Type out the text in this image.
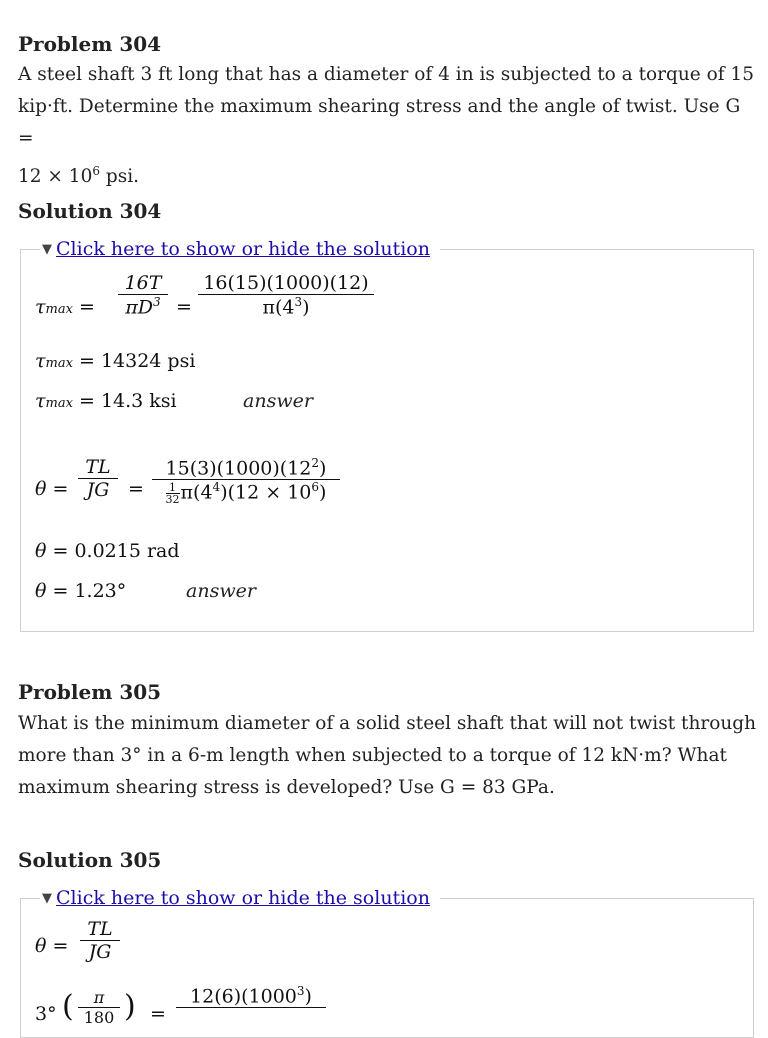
Problem 304
A steel shaft 3 ft long that has a diameter of 4 in is subjected to a torque of 15
kip·ft. Determine the maximum shearing stress and the angle of twist. Use G =
$12 \times 10^6$ psi.
Solution 304
▼ Click here to show or hide the solution
τmax =
16T
$\pi D^3$ =
16(15)(1000)(12)
$\pi(4^3)$
τmax = 14324 psi
τmax = 14.3 ksi	answer
θ =
TL
JG =
$15(3)(1000)(12^2)$
$\frac{1}{32} \pi(4^4)(12 \times 10^6)$
θ = 0.0215 rad
θ = 1.23°	answer
Problem 305
What is the minimum diameter of a solid steel shaft that will not twist through
more than 3° in a 6-m length when subjected to a torque of 12 kN·m? What
maximum shearing stress is developed? Use G = 83 GPa.
Solution 305
▼ Click here to show or hide the solution
θ =
TL
JG
3° (	π
180 ) =
$12(6)(1000^3)$
